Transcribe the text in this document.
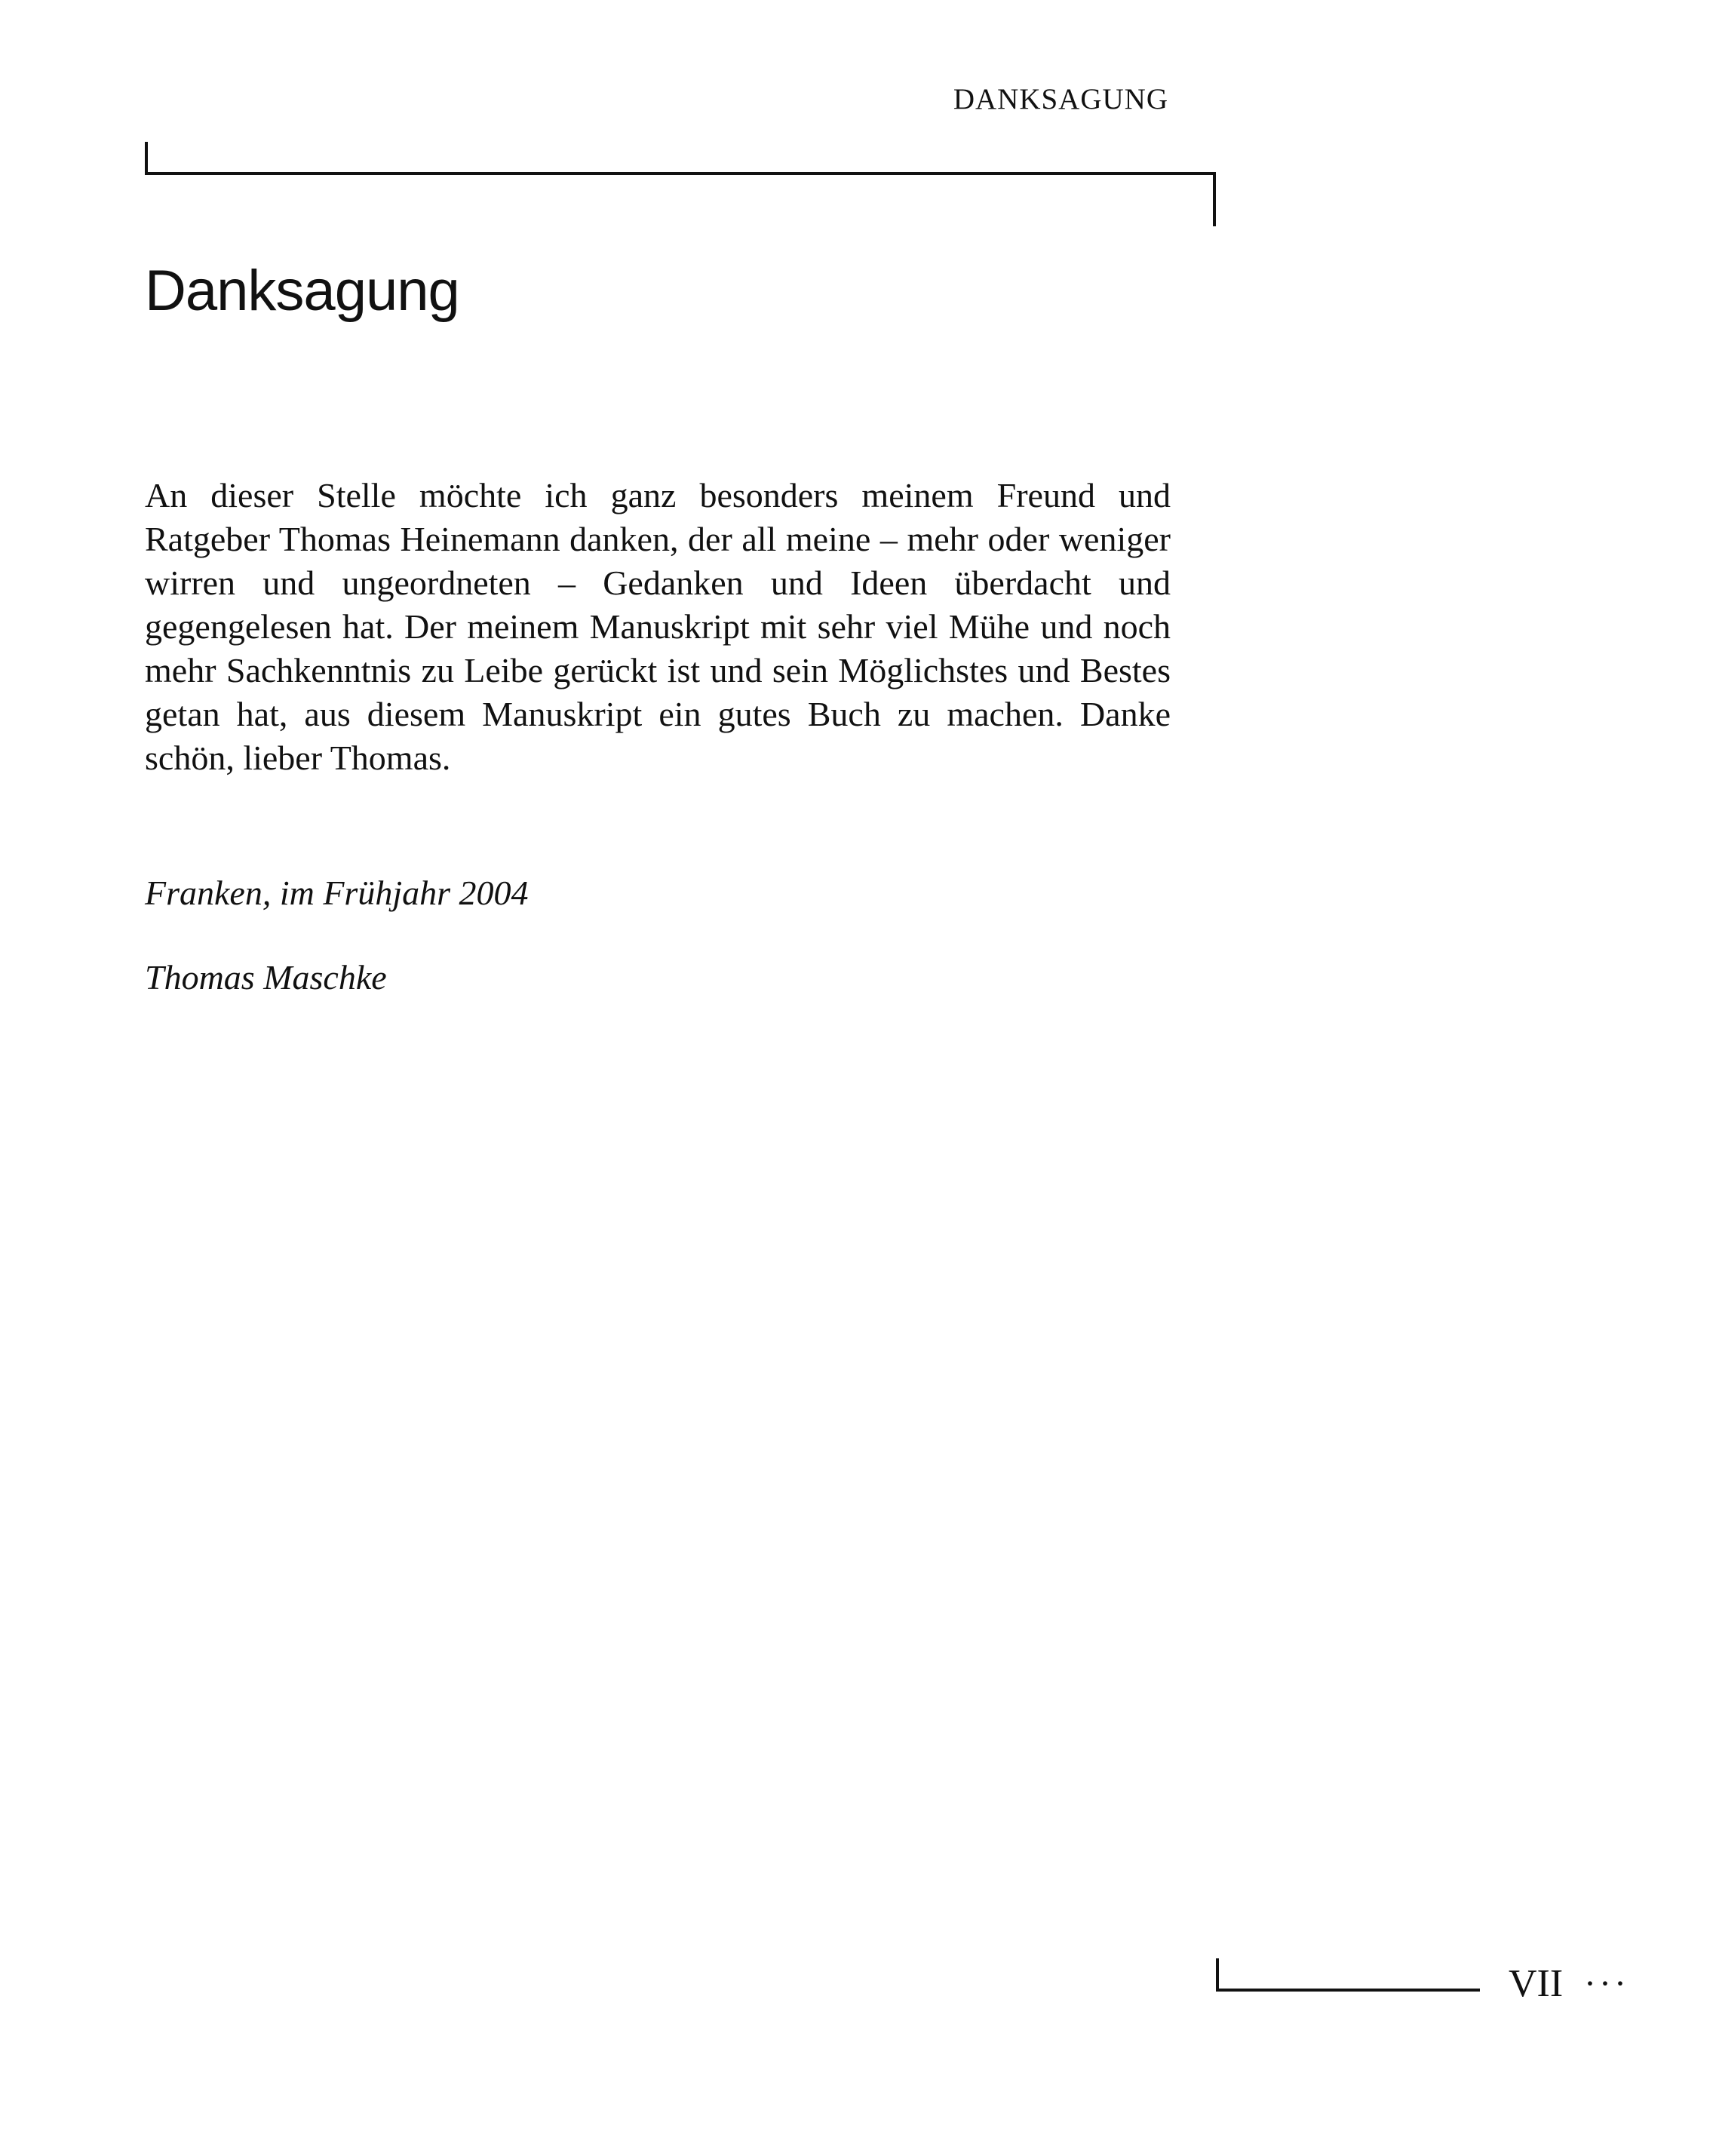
DANKSAGUNG
Danksagung

An dieser Stelle möchte ich ganz besonders meinem Freund und Ratgeber Thomas Heinemann danken, der all meine – mehr oder weniger wirren und ungeordneten – Gedanken und Ideen überdacht und gegengelesen hat. Der meinem Manuskript mit sehr viel Mühe und noch mehr Sachkenntnis zu Leibe gerückt ist und sein Möglichstes und Bestes getan hat, aus diesem Manuskript ein gutes Buch zu machen. Danke schön, lieber Thomas.

Franken, im Frühjahr 2004

Thomas Maschke

VII ···
